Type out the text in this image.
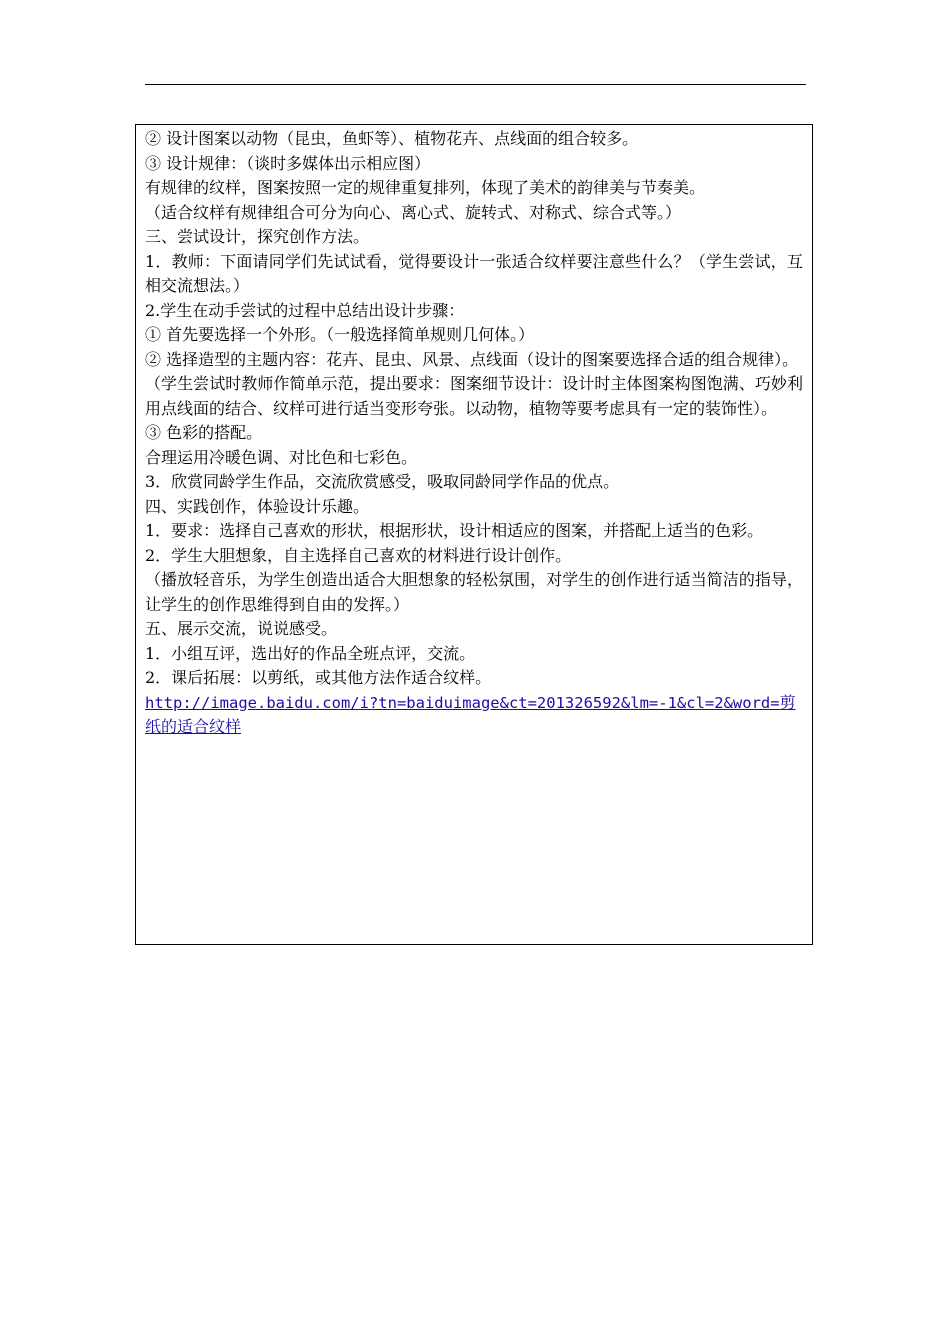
② 设计图案以动物（昆虫，鱼虾等）、植物花卉、点线面的组合较多。

③ 设计规律：（谈时多媒体出示相应图）

有规律的纹样，图案按照一定的规律重复排列，体现了美术的韵律美与节奏美。

（适合纹样有规律组合可分为向心、离心式、旋转式、对称式、综合式等。）

三、尝试设计，探究创作方法。

1．教师：下面请同学们先试试看，觉得要设计一张适合纹样要注意些什么？（学生尝试，互相交流想法。）

2.学生在动手尝试的过程中总结出设计步骤：

① 首先要选择一个外形。（一般选择简单规则几何体。）

② 选择造型的主题内容：花卉、昆虫、风景、点线面（设计的图案要选择合适的组合规律）。

（学生尝试时教师作简单示范，提出要求：图案细节设计：设计时主体图案构图饱满、巧妙利用点线面的结合、纹样可进行适当变形夸张。以动物，植物等要考虑具有一定的装饰性）。

③ 色彩的搭配。

合理运用冷暖色调、对比色和七彩色。

3．欣赏同龄学生作品，交流欣赏感受，吸取同龄同学作品的优点。

四、实践创作，体验设计乐趣。

1．要求：选择自己喜欢的形状，根据形状，设计相适应的图案，并搭配上适当的色彩。

2．学生大胆想象，自主选择自己喜欢的材料进行设计创作。

（播放轻音乐，为学生创造出适合大胆想象的轻松氛围，对学生的创作进行适当简洁的指导，让学生的创作思维得到自由的发挥。）

五、展示交流，说说感受。

1．小组互评，选出好的作品全班点评，交流。

2．课后拓展：以剪纸，或其他方法作适合纹样。

http://image.baidu.com/i?tn=baiduimage&ct=201326592&lm=-1&cl=2&word=剪纸的适合纹样
